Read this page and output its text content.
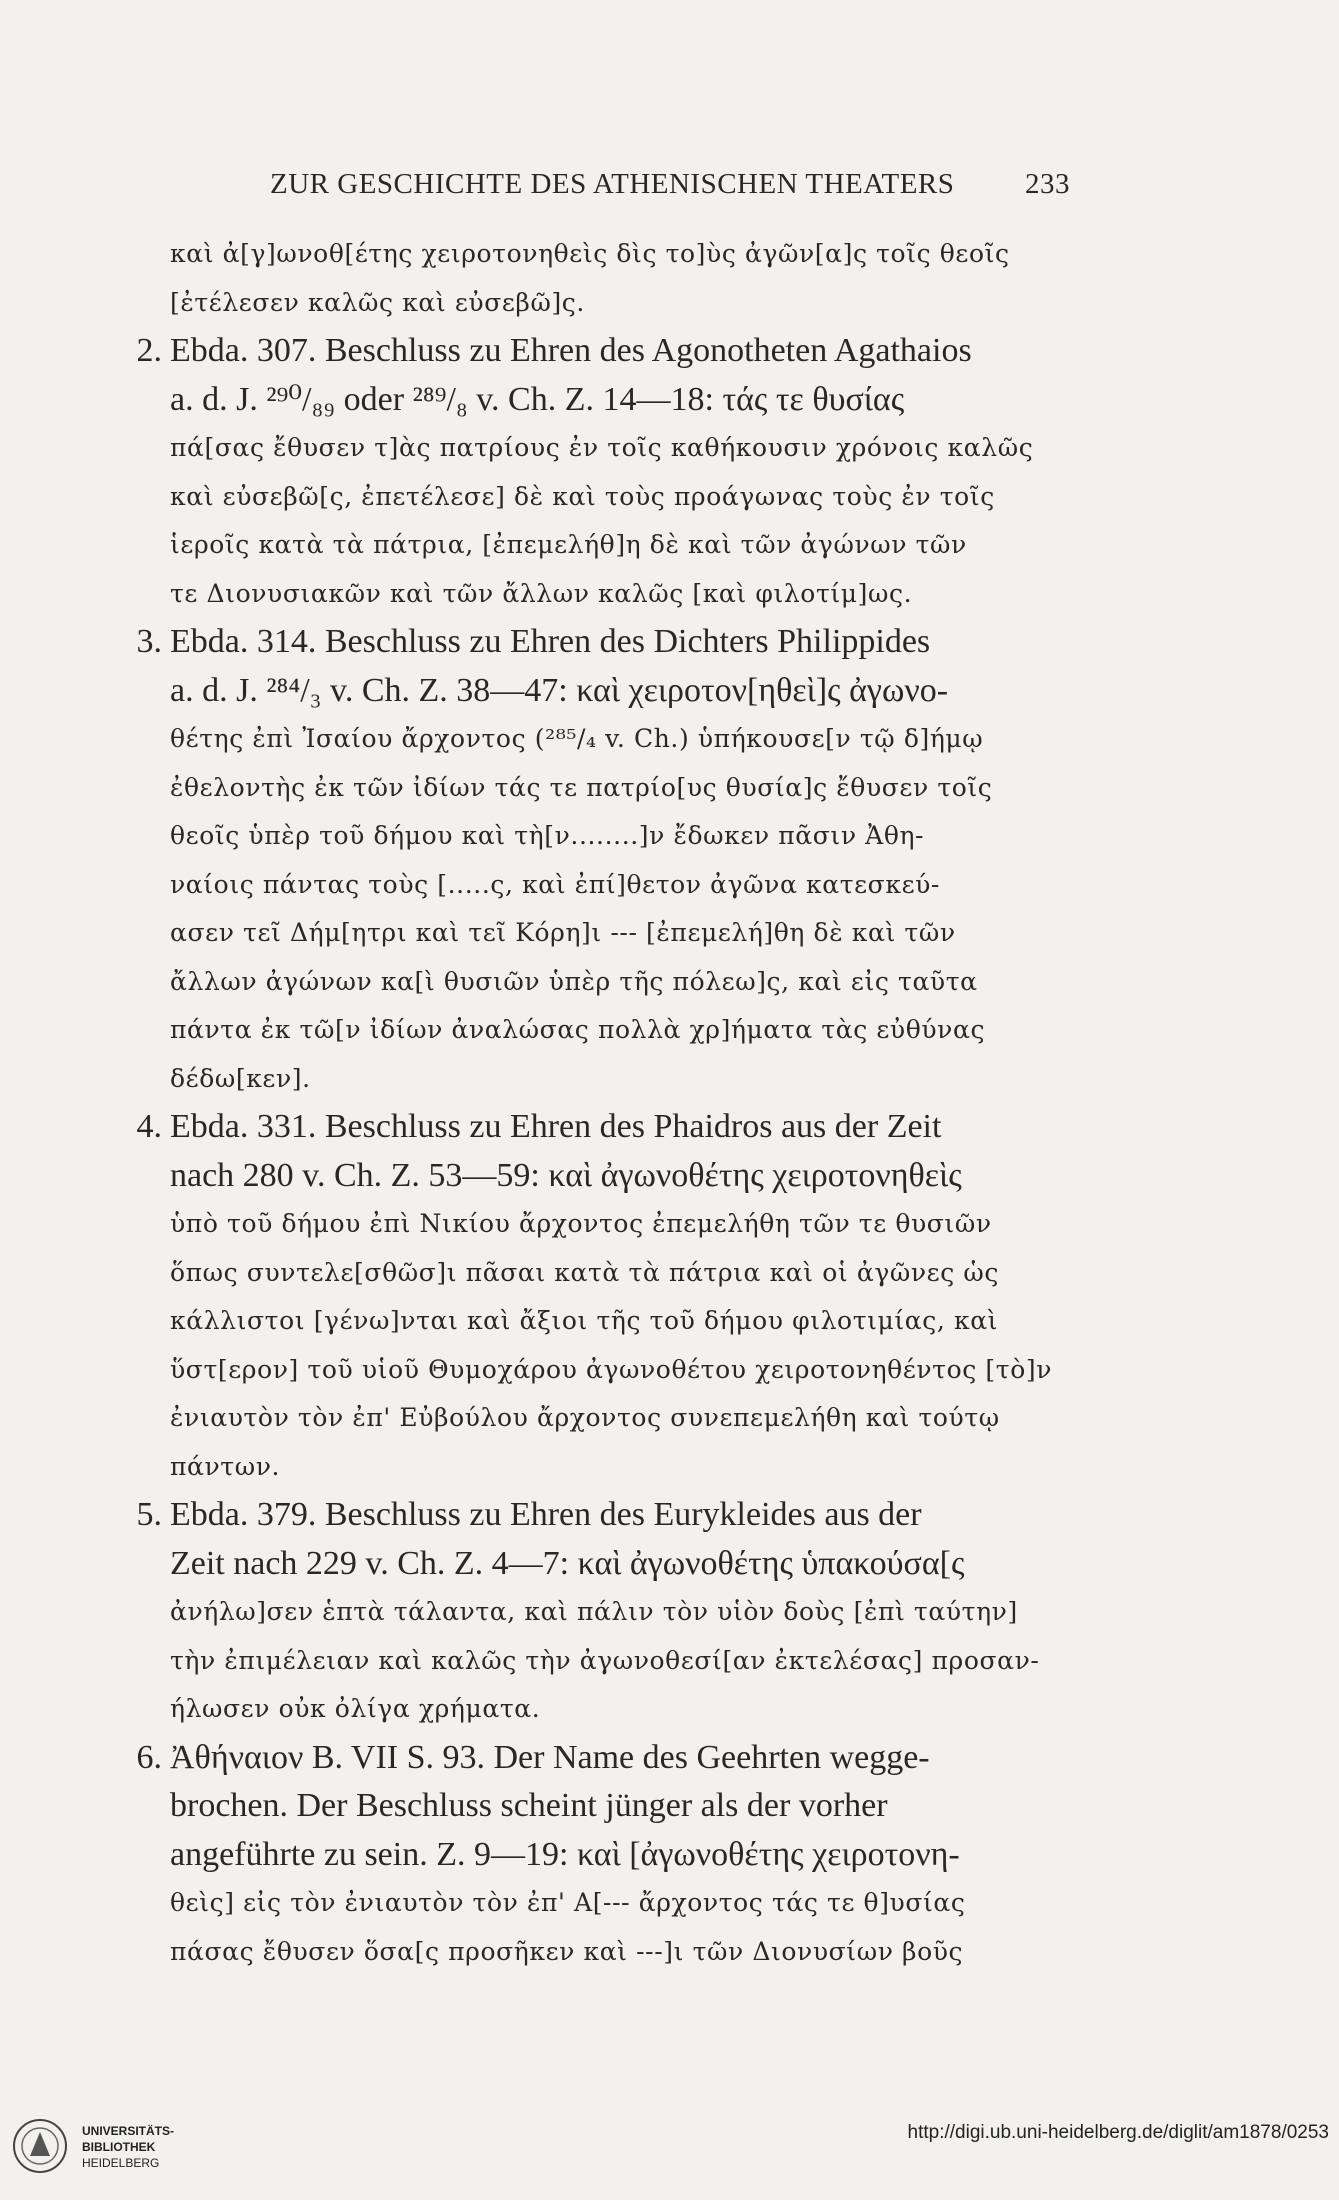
ZUR GESCHICHTE DES ATHENISCHEN THEATERS 233
καὶ ἀ[γ]ωνοθ[έτης χειροτονηθεὶς δὶς το]ὺς ἀγῶν[α]ς τοῖς θεοῖς
[ἐτέλεσεν καλῶς καὶ εὐσεβῶ]ς.
2. Ebda. 307. Beschluss zu Ehren des Agonotheten Agathaios
a. d. J. ²⁹⁰/₈₉ oder ²⁸⁹/₈ v. Ch. Z. 14—18: τάς τε θυσίας
πά[σας ἔθυσεν τ]ὰς πατρίους ἐν τοῖς καθήκουσιν χρόνοις καλῶς
καὶ εὐσεβῶ[ς, ἐπετέλεσε] δὲ καὶ τοὺς προάγωνας τοὺς ἐν τοῖς
ἱεροῖς κατὰ τὰ πάτρια, [ἐπεμελήθ]η δὲ καὶ τῶν ἀγώνων τῶν
τε Διονυσιακῶν καὶ τῶν ἄλλων καλῶς [καὶ φιλοτίμ]ως.
3. Ebda. 314. Beschluss zu Ehren des Dichters Philippides
a. d. J. ²⁸⁴/₃ v. Ch. Z. 38—47: καὶ χειροτον[ηθεὶ]ς ἀγωνο-
θέτης ἐπὶ Ἰσαίου ἄρχοντος (²⁸⁵/₄ v. Ch.) ὑπήκουσε[ν τῷ δ]ήμῳ
ἐθελοντὴς ἐκ τῶν ἰδίων τάς τε πατρίο[υς θυσία]ς ἔθυσεν τοῖς
θεοῖς ὑπὲρ τοῦ δήμου καὶ τὴ[ν........]ν ἔδωκεν πᾶσιν Ἀθη-
ναίοις πάντας τοὺς [.....ς, καὶ ἐπί]θετον ἀγῶνα κατεσκεύ-
ασεν τεῖ Δήμ[ητρι καὶ τεῖ Κόρη]ι --- [ἐπεμελή]θη δὲ καὶ τῶν
ἄλλων ἀγώνων κα[ὶ θυσιῶν ὑπὲρ τῆς πόλεω]ς, καὶ εἰς ταῦτα
πάντα ἐκ τῶ[ν ἰδίων ἀναλώσας πολλὰ χρ]ήματα τὰς εὐθύνας
δέδω[κεν].
4. Ebda. 331. Beschluss zu Ehren des Phaidros aus der Zeit
nach 280 v. Ch. Z. 53—59: καὶ ἀγωνοθέτης χειροτονηθεὶς
ὑπὸ τοῦ δήμου ἐπὶ Νικίου ἄρχοντος ἐπεμελήθη τῶν τε θυσιῶν
ὅπως συντελε[σθῶσ]ι πᾶσαι κατὰ τὰ πάτρια καὶ οἱ ἀγῶνες ὡς
κάλλιστοι [γένω]νται καὶ ἄξιοι τῆς τοῦ δήμου φιλοτιμίας, καὶ
ὕστ[ερον] τοῦ υἱοῦ Θυμοχάρου ἀγωνοθέτου χειροτονηθέντος [τὸ]ν
ἐνιαυτὸν τὸν ἐπ' Εὐβούλου ἄρχοντος συνεπεμελήθη καὶ τούτῳ
πάντων.
5. Ebda. 379. Beschluss zu Ehren des Eurykleides aus der
Zeit nach 229 v. Ch. Z. 4—7: καὶ ἀγωνοθέτης ὑπακούσα[ς
ἀνήλω]σεν ἑπτὰ τάλαντα, καὶ πάλιν τὸν υἱὸν δοὺς [ἐπὶ ταύτην]
τὴν ἐπιμέλειαν καὶ καλῶς τὴν ἀγωνοθεσί[αν ἐκτελέσας] προσαν-
ήλωσεν οὐκ ὀλίγα χρήματα.
6. Ἀθήναιον B. VII S. 93. Der Name des Geehrten wegge-
brochen. Der Beschluss scheint jünger als der vorher
angeführte zu sein. Z. 9—19: καὶ [ἀγωνοθέτης χειροτονη-
θεὶς] εἰς τὸν ἐνιαυτὸν τὸν ἐπ' Α[--- ἄρχοντος τάς τε θ]υσίας
πάσας ἔθυσεν ὅσα[ς προσῆκεν καὶ ---]ι τῶν Διονυσίων βοῦς
UNIVERSITÄTS-
BIBLIOTHEK
HEIDELBERG
http://digi.ub.uni-heidelberg.de/diglit/am1878/0253
